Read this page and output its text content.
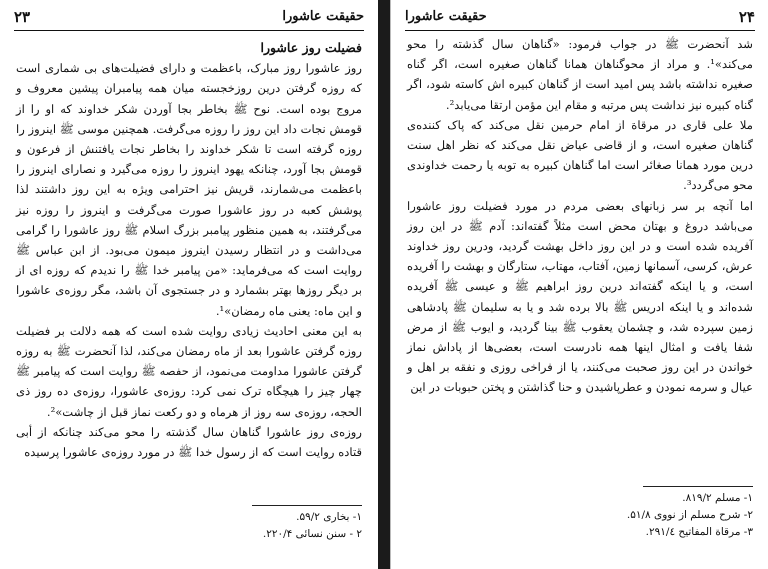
۲۳	حقيقت عاشورا

فضيلت روز عاشورا

روز عاشورا روز مبارک، باعظمت و دارای فضيلت‌های بی شماری است که روزه گرفتن درين روزخجسته ميان همه پيامبران پيشين معروف و مروج بوده است. نوح ﷺ بخاطر بجا آوردن شکر خداوند که او را از قومش نجات داد اين روز را روزه می‌گرفت. همچنين موسی ﷺ اينروز را روزه گرفته است تا شکر خداوند را بخاطر نجات يافتنش از فرعون و قومش بجا آورد، چنانکه يهود اينروز را روزه می‌گيرد و نصارای اينروز را باعظمت می‌شمارند، قريش نيز احترامی ويژه به اين روز داشتند لذا پوشش کعبه در روز عاشورا صورت می‌گرفت و اينروز را روزه نيز می‌گرفتند، به همين منظور پيامبر بزرگ اسلام ﷺ روز عاشورا را گرامی می‌داشت و در انتظار رسيدن اينروز ميمون می‌بود. از ابن عباس ﷺ روايت است که می‌فرمايد: «من پيامبر خدا ﷺ را نديدم که روزه ای از بر ديگر روزها بهتر بشمارد و در جستجوی آن باشد، مگر روزه‌ی عاشورا و اين ماه: يعنی ماه رمضان»¹.

به اين معنی احاديث زيادی روايت شده است که همه دلالت بر فضيلت روزه گرفتن عاشورا بعد از ماه رمضان می‌کند، لذا آنحضرت ﷺ به روزه گرفتن عاشورا مداومت می‌نمود، از حفصه ﷺ روايت است که پيامبر ﷺ چهار چيز را هيچگاه ترک نمی کرد: روزه‌ی عاشورا، روزه‌ی ده روز ذی الحجه، روزه‌ی سه روز از هرماه و دو رکعت نماز قبل از چاشت»².

روزه‌ی روز عاشورا گناهان سال گذشته را محو می‌کند چنانکه از أبی قتاده روايت است که از رسول خدا ﷺ در مورد روزه‌ی عاشورا پرسيده

۱- بخاری ۵۹/۲.

۲ - سنن نسائی ۲۲۰/۴.

۲۴
حقيقت عاشورا

شد آنحضرت ﷺ در جواب فرمود: «گناهان سال گذشته را محو می‌کند»¹. و مراد از محوگناهان همانا گناهان صغيره است، اگر گناه صغيره نداشته باشد پس اميد است از گناهان کبيره اش کاسته شود، اگر گناه کبيره نيز نداشت پس مرتبه و مقام اين مؤمن ارتقا می‌يابد².

ملا علی قاری در مرقاة از امام حرمين نقل می‌کند که پاک کننده‌ی گناهان صغيره است، و از قاضی عياض نقل می‌کند که نظر اهل سنت درين مورد همانا صغائر است اما گناهان کبيره به توبه يا رحمت خداوندی محو می‌گردد³.

اما آنچه بر سر زبانهای بعضی مردم در مورد فضيلت روز عاشورا می‌باشد دروغ و بهتان محض است مثلاً گفته‌اند: آدم ﷺ در اين روز آفريده شده است و در اين روز داخل بهشت گرديد، ودرين روز خداوند عرش، کرسی، آسمانها زمين، آفتاب، مهتاب، ستارگان و بهشت را آفريده است، و يا اينکه گفته‌اند درين روز ابراهيم ﷺ و عيسی ﷺ آفريده شده‌اند و يا اينکه ادريس ﷺ بالا برده شد و يا به سليمان ﷺ پادشاهی زمين سپرده شد، و چشمان يعقوب ﷺ بينا گرديد، و ايوب ﷺ از مرض شفا يافت و امثال اينها همه نادرست است، بعضی‌ها از پاداش نماز خواندن در اين روز صحبت می‌کنند، يا از فراخی روزی و نفقه بر اهل و عيال و سرمه نمودن و عطرپاشيدن و حنا گذاشتن و پختن حبوبات در اين

۱- مسلم ۸۱۹/۲.

۲- شرح مسلم از نووی ۵۱/۸.

۳- مرقاة المفاتيح ۲۹۱/٤.
